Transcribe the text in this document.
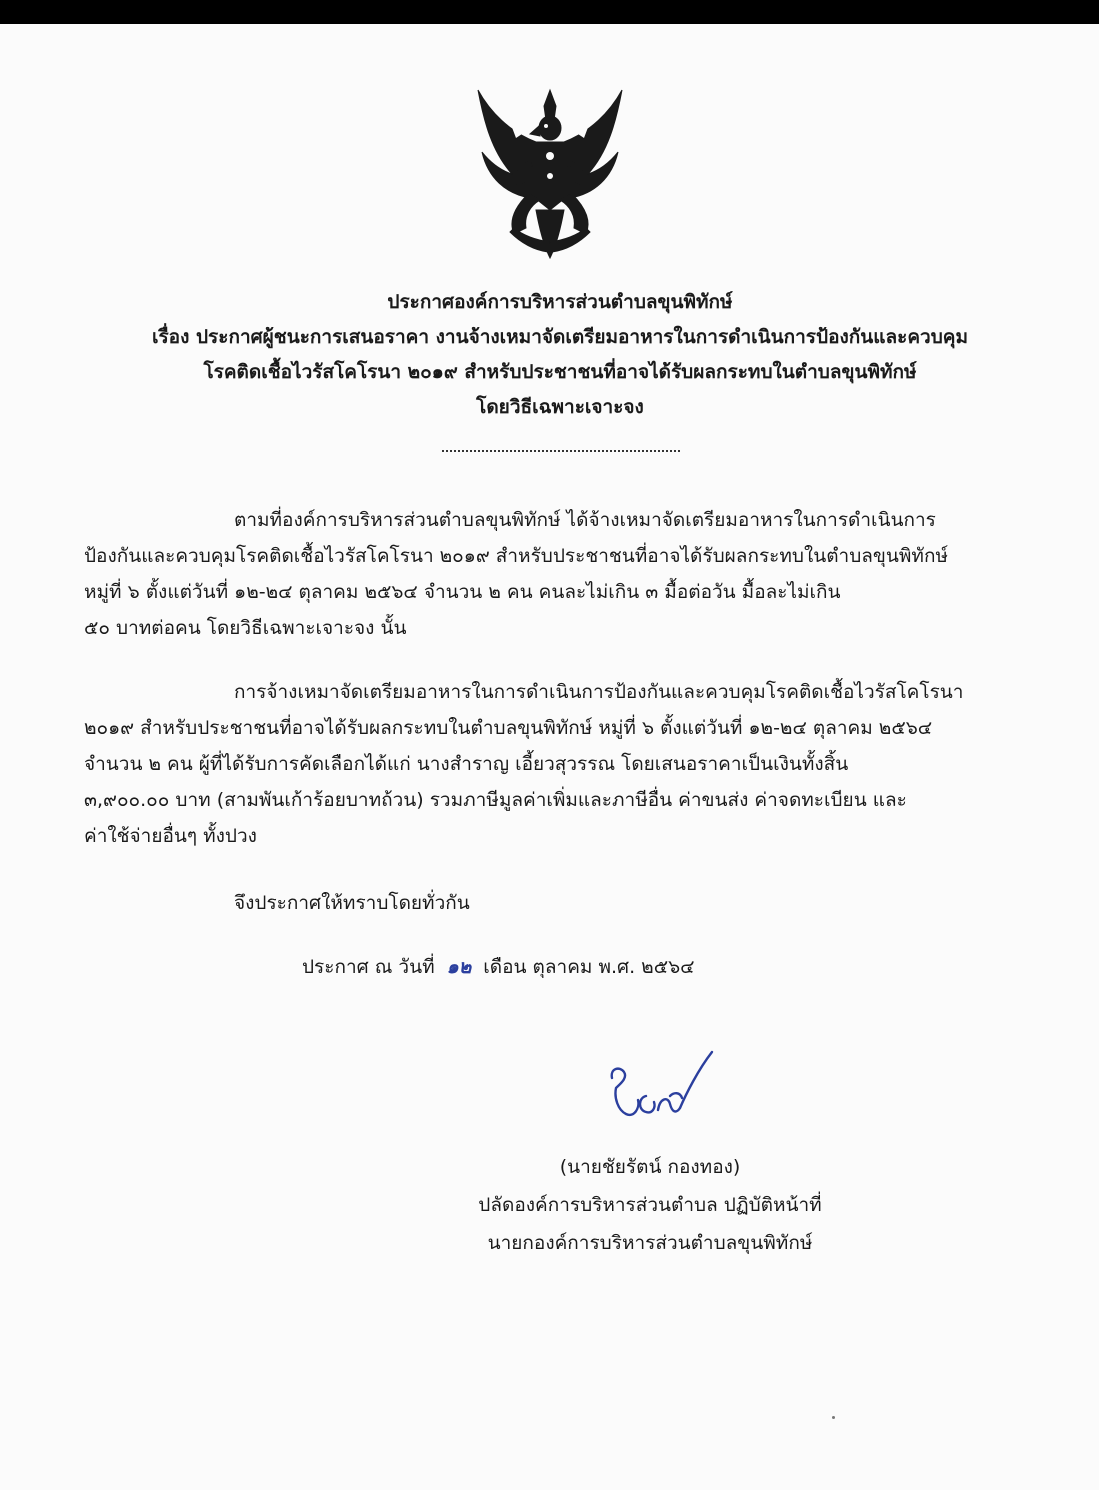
ประกาศองค์การบริหารส่วนตำบลขุนพิทักษ์
เรื่อง ประกาศผู้ชนะการเสนอราคา งานจ้างเหมาจัดเตรียมอาหารในการดำเนินการป้องกันและควบคุม
โรคติดเชื้อไวรัสโคโรนา ๒๐๑๙ สำหรับประชาชนที่อาจได้รับผลกระทบในตำบลขุนพิทักษ์
โดยวิธีเฉพาะเจาะจง
ตามที่องค์การบริหารส่วนตำบลขุนพิทักษ์ ได้จ้างเหมาจัดเตรียมอาหารในการดำเนินการ
ป้องกันและควบคุมโรคติดเชื้อไวรัสโคโรนา ๒๐๑๙ สำหรับประชาชนที่อาจได้รับผลกระทบในตำบลขุนพิทักษ์
หมู่ที่ ๖ ตั้งแต่วันที่ ๑๒-๒๔ ตุลาคม ๒๕๖๔ จำนวน ๒ คน คนละไม่เกิน ๓ มื้อต่อวัน มื้อละไม่เกิน
๕๐ บาทต่อคน โดยวิธีเฉพาะเจาะจง นั้น
การจ้างเหมาจัดเตรียมอาหารในการดำเนินการป้องกันและควบคุมโรคติดเชื้อไวรัสโคโรนา
๒๐๑๙ สำหรับประชาชนที่อาจได้รับผลกระทบในตำบลขุนพิทักษ์ หมู่ที่ ๖ ตั้งแต่วันที่ ๑๒-๒๔ ตุลาคม ๒๕๖๔
จำนวน ๒ คน ผู้ที่ได้รับการคัดเลือกได้แก่ นางสำราญ เอี้ยวสุวรรณ โดยเสนอราคาเป็นเงินทั้งสิ้น
๓,๙๐๐.๐๐ บาท (สามพันเก้าร้อยบาทถ้วน) รวมภาษีมูลค่าเพิ่มและภาษีอื่น ค่าขนส่ง ค่าจดทะเบียน และ
ค่าใช้จ่ายอื่นๆ ทั้งปวง
จึงประกาศให้ทราบโดยทั่วกัน
ประกาศ ณ วันที่ ๑๒ เดือน ตุลาคม พ.ศ. ๒๕๖๔
(นายชัยรัตน์ กองทอง)
ปลัดองค์การบริหารส่วนตำบล ปฏิบัติหน้าที่
นายกองค์การบริหารส่วนตำบลขุนพิทักษ์
